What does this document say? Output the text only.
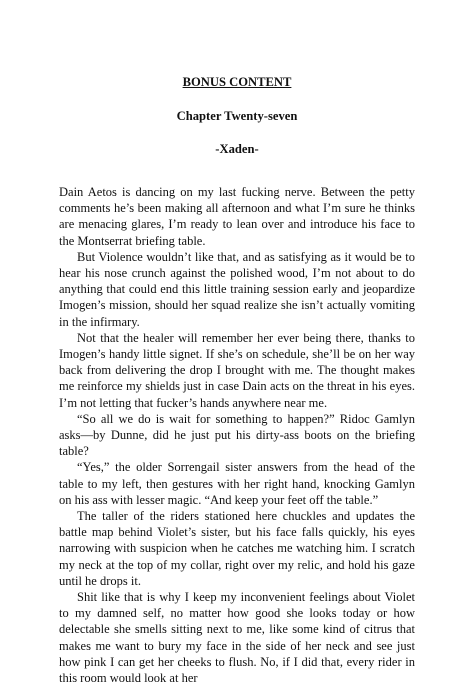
BONUS CONTENT
Chapter Twenty-seven
-Xaden-

Dain Aetos is dancing on my last fucking nerve. Between the petty comments he’s been making all afternoon and what I’m sure he thinks are menacing glares, I’m ready to lean over and introduce his face to the Montserrat briefing table.

But Violence wouldn’t like that, and as satisfying as it would be to hear his nose crunch against the polished wood, I’m not about to do anything that could end this little training session early and jeopardize Imogen’s mission, should her squad realize she isn’t actually vomiting in the infirmary.

Not that the healer will remember her ever being there, thanks to Imogen’s handy little signet. If she’s on schedule, she’ll be on her way back from delivering the drop I brought with me. The thought makes me reinforce my shields just in case Dain acts on the threat in his eyes. I’m not letting that fucker’s hands anywhere near me.

“So all we do is wait for something to happen?” Ridoc Gamlyn asks—by Dunne, did he just put his dirty-ass boots on the briefing table?

“Yes,” the older Sorrengail sister answers from the head of the table to my left, then gestures with her right hand, knocking Gamlyn on his ass with lesser magic. “And keep your feet off the table.”

The taller of the riders stationed here chuckles and updates the battle map behind Violet’s sister, but his face falls quickly, his eyes narrowing with suspicion when he catches me watching him. I scratch my neck at the top of my collar, right over my relic, and hold his gaze until he drops it.

Shit like that is why I keep my inconvenient feelings about Violet to my damned self, no matter how good she looks today or how delectable she smells sitting next to me, like some kind of citrus that makes me want to bury my face in the side of her neck and see just how pink I can get her cheeks to flush. No, if I did that, every rider in this room would look at her
